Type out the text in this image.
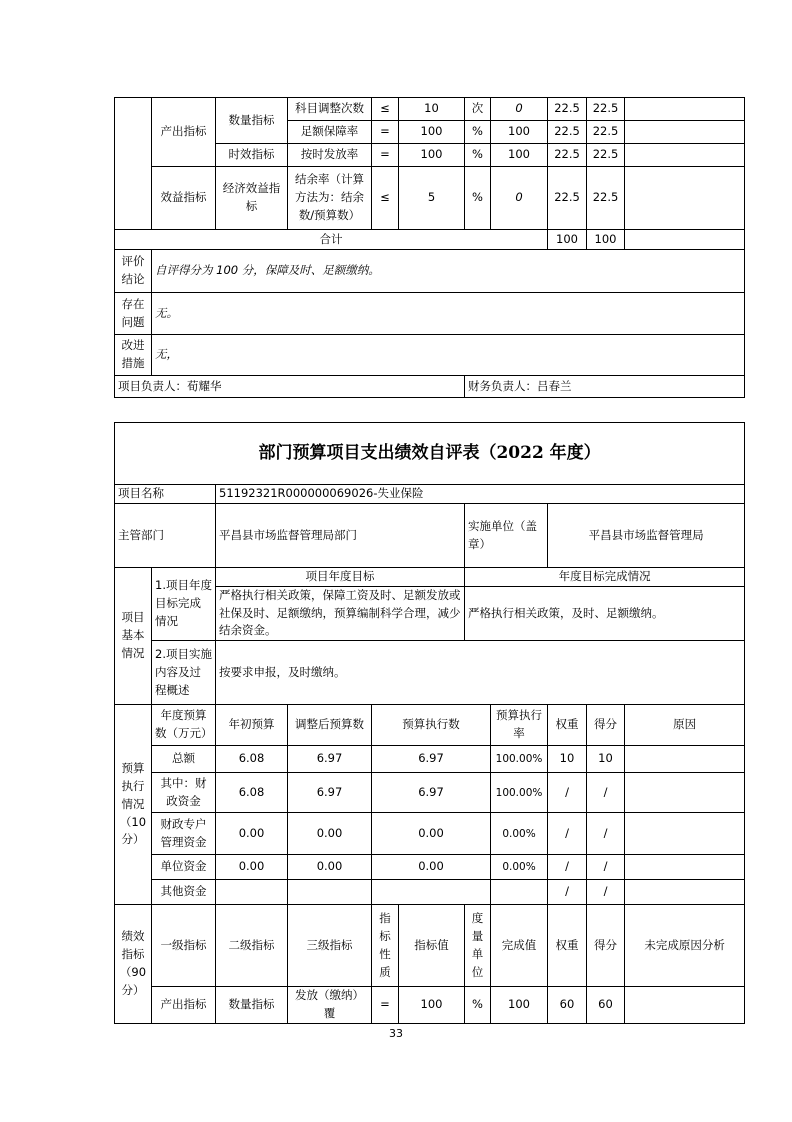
	产出指标	数量指标	科目调整次数	≤	10	次	0	22.5	22.5	
			足额保障率	=	100	%	100	22.5	22.5	
		时效指标	按时发放率	=	100	%	100	22.5	22.5	
	效益指标	经济效益指标	结余率（计算方法为：结余数/预算数）	≤	5	%	0	22.5	22.5	
合计								100	100	
评价结论	自评得分为 100 分，保障及时、足额缴纳。									
存在问题	无。									
改进措施	无，									
项目负责人：荀耀华						财务负责人：吕春兰				
部门预算项目支出绩效自评表（2022 年度）										
项目名称		51192321R000000069026-失业保险								
主管部门		平昌县市场监督管理局部门				实施单位（盖章）		平昌县市场监督管理局		
项目基本情况	1.项目年度目标完成情况	项目年度目标				年度目标完成情况				
		严格执行相关政策，保障工资及时、足额发放或社保及时、足额缴纳，预算编制科学合理，减少结余资金。				严格执行相关政策，及时、足额缴纳。				
	2.项目实施内容及过程概述	按要求申报，及时缴纳。								
预算执行情况（10分）	年度预算数（万元）	年初预算	调整后预算数	预算执行数			预算执行率	权重	得分	原因
	总额	6.08	6.97	6.97			100.00%	10	10	
	其中：财政资金	6.08	6.97	6.97			100.00%	/	/	
	财政专户管理资金	0.00	0.00	0.00			0.00%	/	/	
	单位资金	0.00	0.00	0.00			0.00%	/	/	
	其他资金							/	/	
绩效指标（90分）	一级指标	二级指标	三级指标	指标性质	指标值	度量单位	完成值	权重	得分	未完成原因分析
	产出指标	数量指标	发放（缴纳）覆	=	100	%	100	60	60	
33
